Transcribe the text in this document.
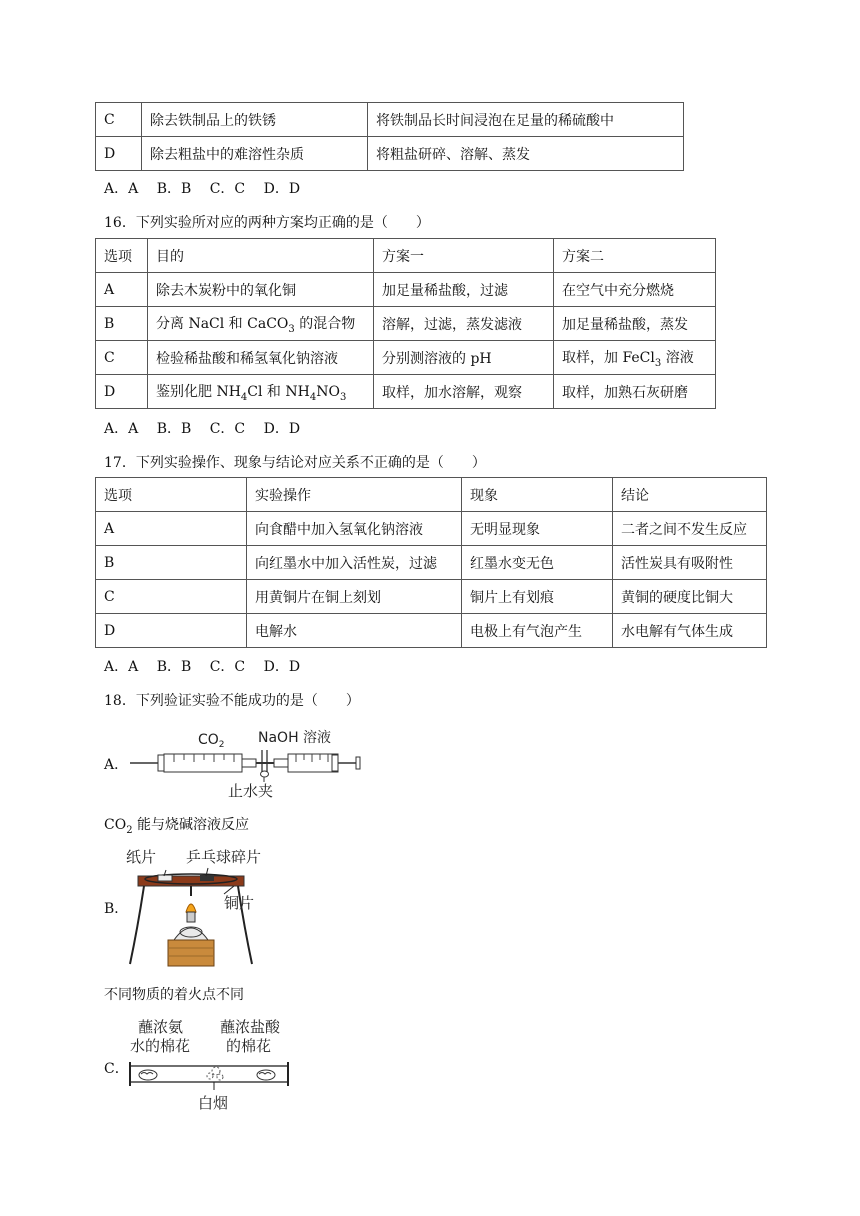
C	除去铁制品上的铁锈	将铁制品长时间浸泡在足量的稀硫酸中
D	除去粗盐中的难溶性杂质	将粗盐研碎、溶解、蒸发
A．A B．B C．C D．D
16．下列实验所对应的两种方案均正确的是（　　）
选项	目的	方案一	方案二
A	除去木炭粉中的氧化铜	加足量稀盐酸，过滤	在空气中充分燃烧
B	分离 NaCl 和 CaCO$_3$ 的混合物	溶解，过滤，蒸发滤液	加足量稀盐酸，蒸发
C	检验稀盐酸和稀氢氧化钠溶液	分别测溶液的 pH	取样，加 FeCl$_3$ 溶液
D	鉴别化肥 $NH_4Cl$ 和 $NH_4NO_3$	取样，加水溶解，观察	取样，加熟石灰研磨
A．A B．B C．C D．D
17．下列实验操作、现象与结论对应关系不正确的是（　　）
选项	实验操作	现象	结论
A	向食醋中加入氢氧化钠溶液	无明显现象	二者之间不发生反应
B	向红墨水中加入活性炭，过滤	红墨水变无色	活性炭具有吸附性
C	用黄铜片在铜上刻划	铜片上有划痕	黄铜的硬度比铜大
D	电解水	电极上有气泡产生	水电解有气体生成
A．A B．B C．C D．D
18．下列验证实验不能成功的是（　　）
A．
$CO_2$ NaOH 溶液
止水夹
$CO_2$ 能与烧碱溶液反应
B．
纸片 乒乓球碎片
铜片
不同物质的着火点不同
C．
蘸浓氨
水的棉花
蘸浓盐酸
的棉花
白烟
